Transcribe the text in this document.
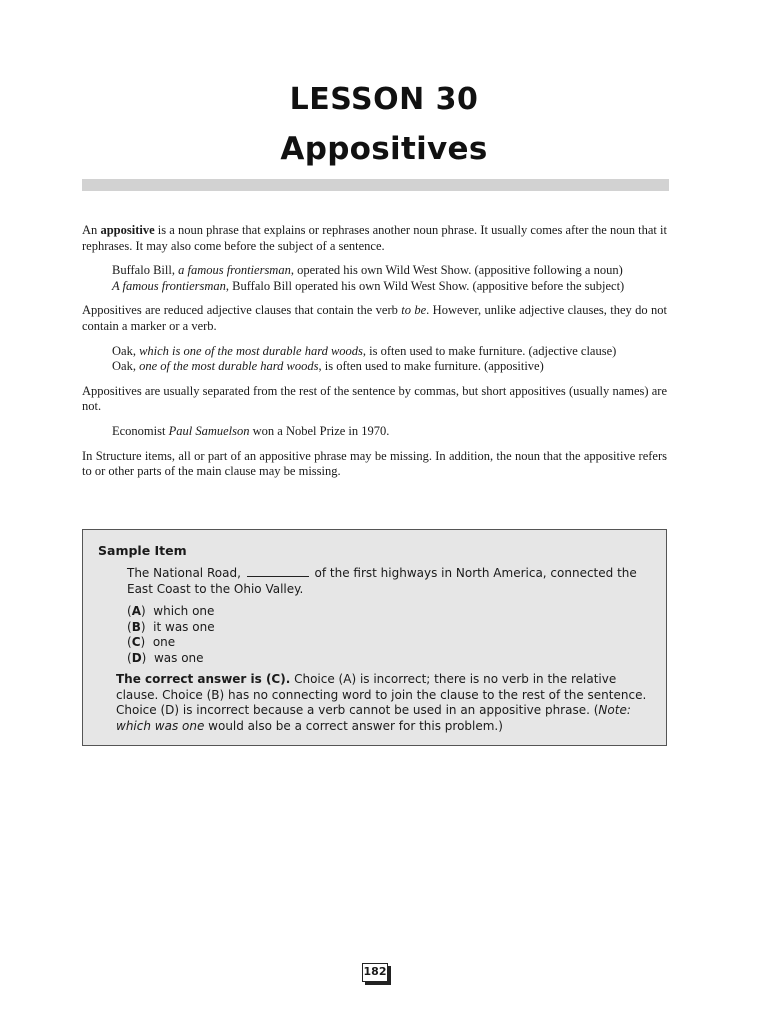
LESSON 30
Appositives

An appositive is a noun phrase that explains or rephrases another noun phrase. It usually comes after the noun that it rephrases. It may also come before the subject of a sentence.

Buffalo Bill, a famous frontiersman, operated his own Wild West Show. (appositive following a noun)

A famous frontiersman, Buffalo Bill operated his own Wild West Show. (appositive before the subject)

Appositives are reduced adjective clauses that contain the verb to be. However, unlike adjective clauses, they do not contain a marker or a verb.

Oak, which is one of the most durable hard woods, is often used to make furniture. (adjective clause)

Oak, one of the most durable hard woods, is often used to make furniture. (appositive)

Appositives are usually separated from the rest of the sentence by commas, but short appositives (usually names) are not.

Economist Paul Samuelson won a Nobel Prize in 1970.

In Structure items, all or part of an appositive phrase may be missing. In addition, the noun that the appositive refers to or other parts of the main clause may be missing.

Sample Item
The National Road,	of the first highways in North America, connected the East Coast to the Ohio Valley.
(A)  which one
(B)  it was one
(C)  one
(D)  was one
The correct answer is (C). Choice (A) is incorrect; there is no verb in the relative clause. Choice (B) has no connecting word to join the clause to the rest of the sentence. Choice (D) is incorrect because a verb cannot be used in an appositive phrase. (Note: which was one would also be a correct answer for this problem.)
182
